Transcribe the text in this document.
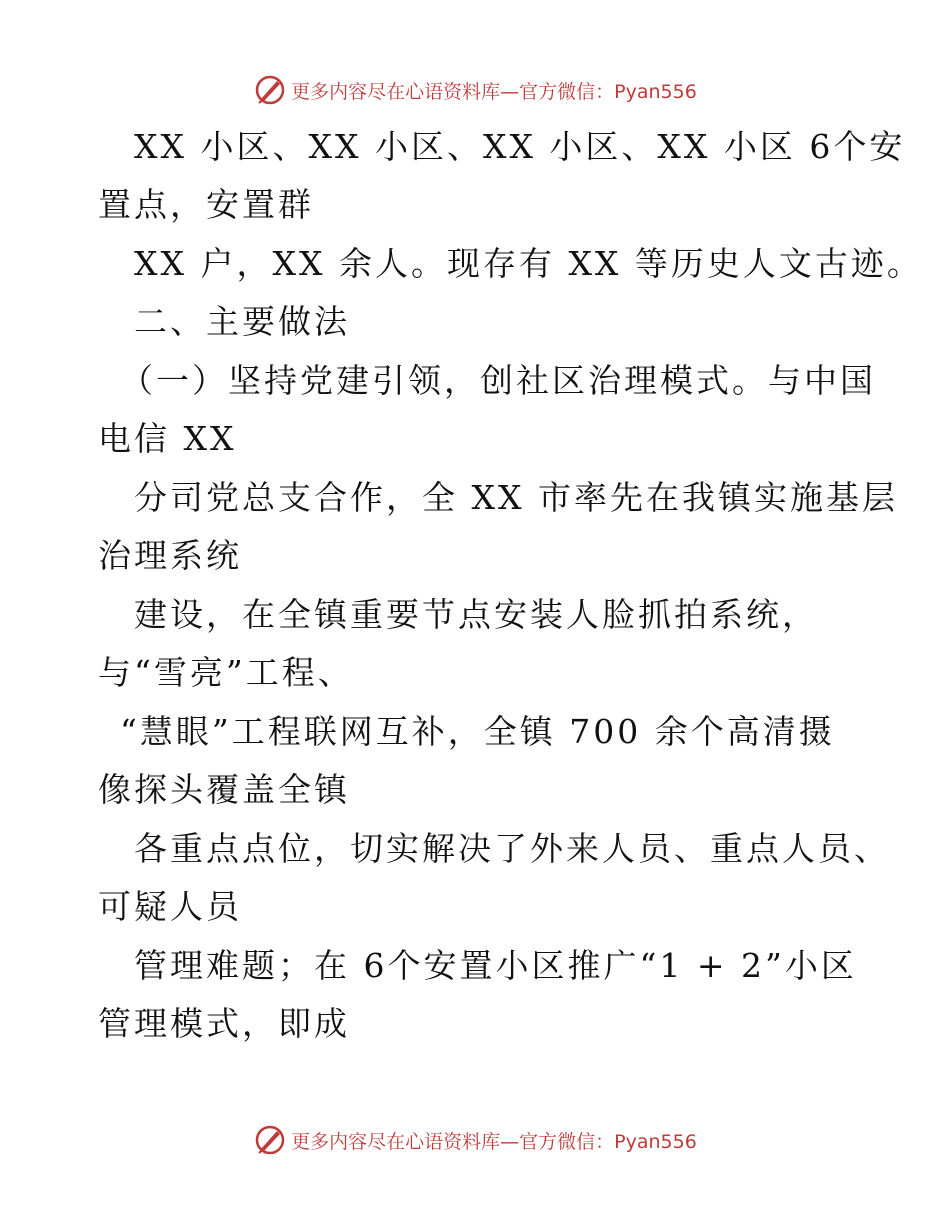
更多内容尽在心语资料库—官方微信：Pyan556
XX 小区、XX 小区、XX 小区、XX 小区 6个安
置点，安置群
XX 户，XX 余人。现存有 XX 等历史人文古迹。
二、主要做法
（一）坚持党建引领，创社区治理模式。与中国
电信 XX
分司党总支合作，全 XX 市率先在我镇实施基层
治理系统
建设，在全镇重要节点安装人脸抓拍系统，
与“雪亮”工程、
“慧眼”工程联网互补，全镇 700 余个高清摄
像探头覆盖全镇
各重点点位，切实解决了外来人员、重点人员、
可疑人员
管理难题；在 6个安置小区推广“1 + 2”小区
管理模式，即成
更多内容尽在心语资料库—官方微信：Pyan556
